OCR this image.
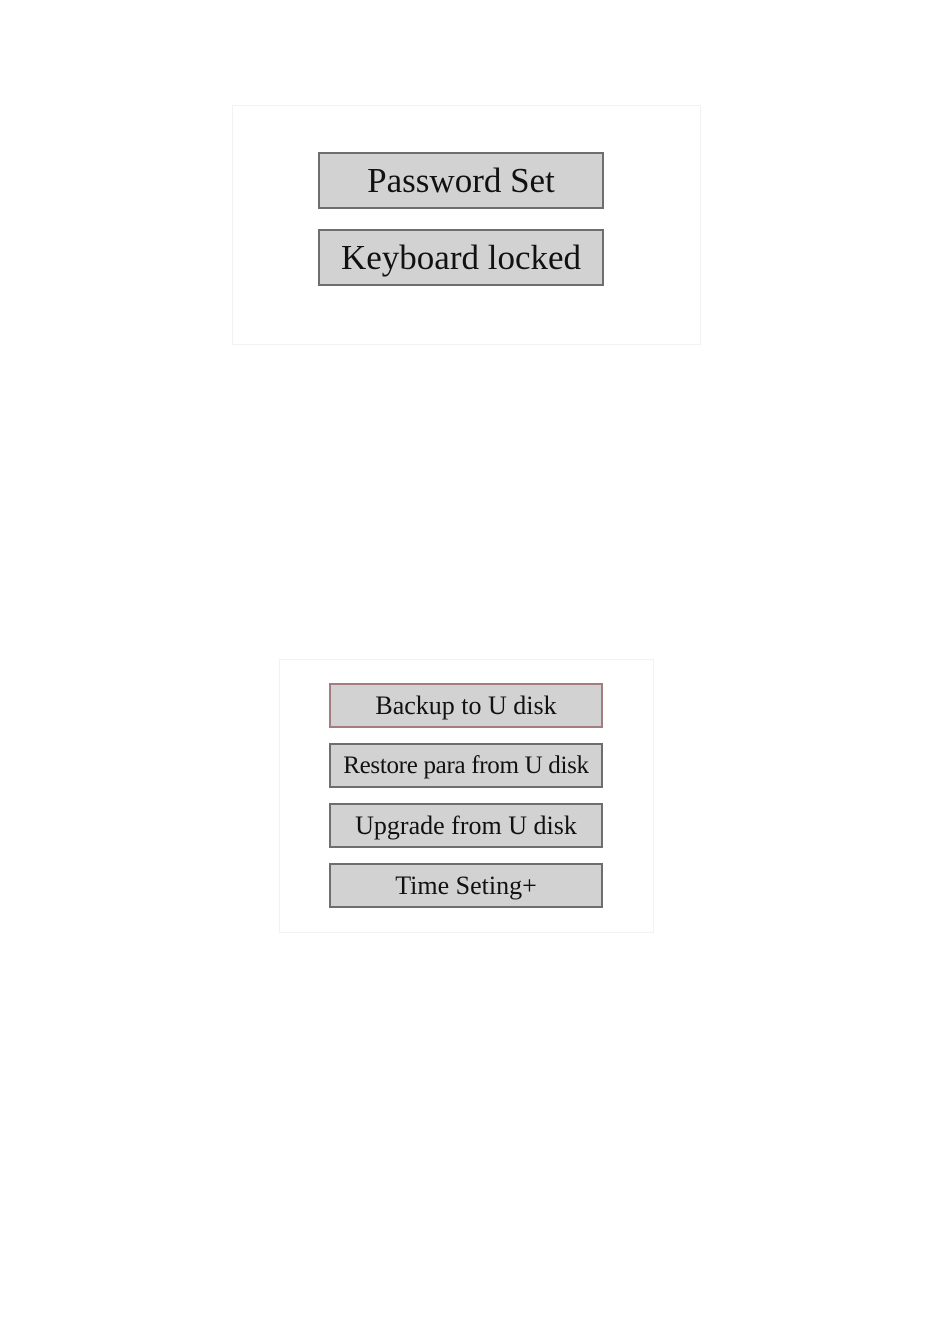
Password Set
Keyboard locked
Backup to U disk
Restore para from U disk
Upgrade from U disk
Time Seting+
